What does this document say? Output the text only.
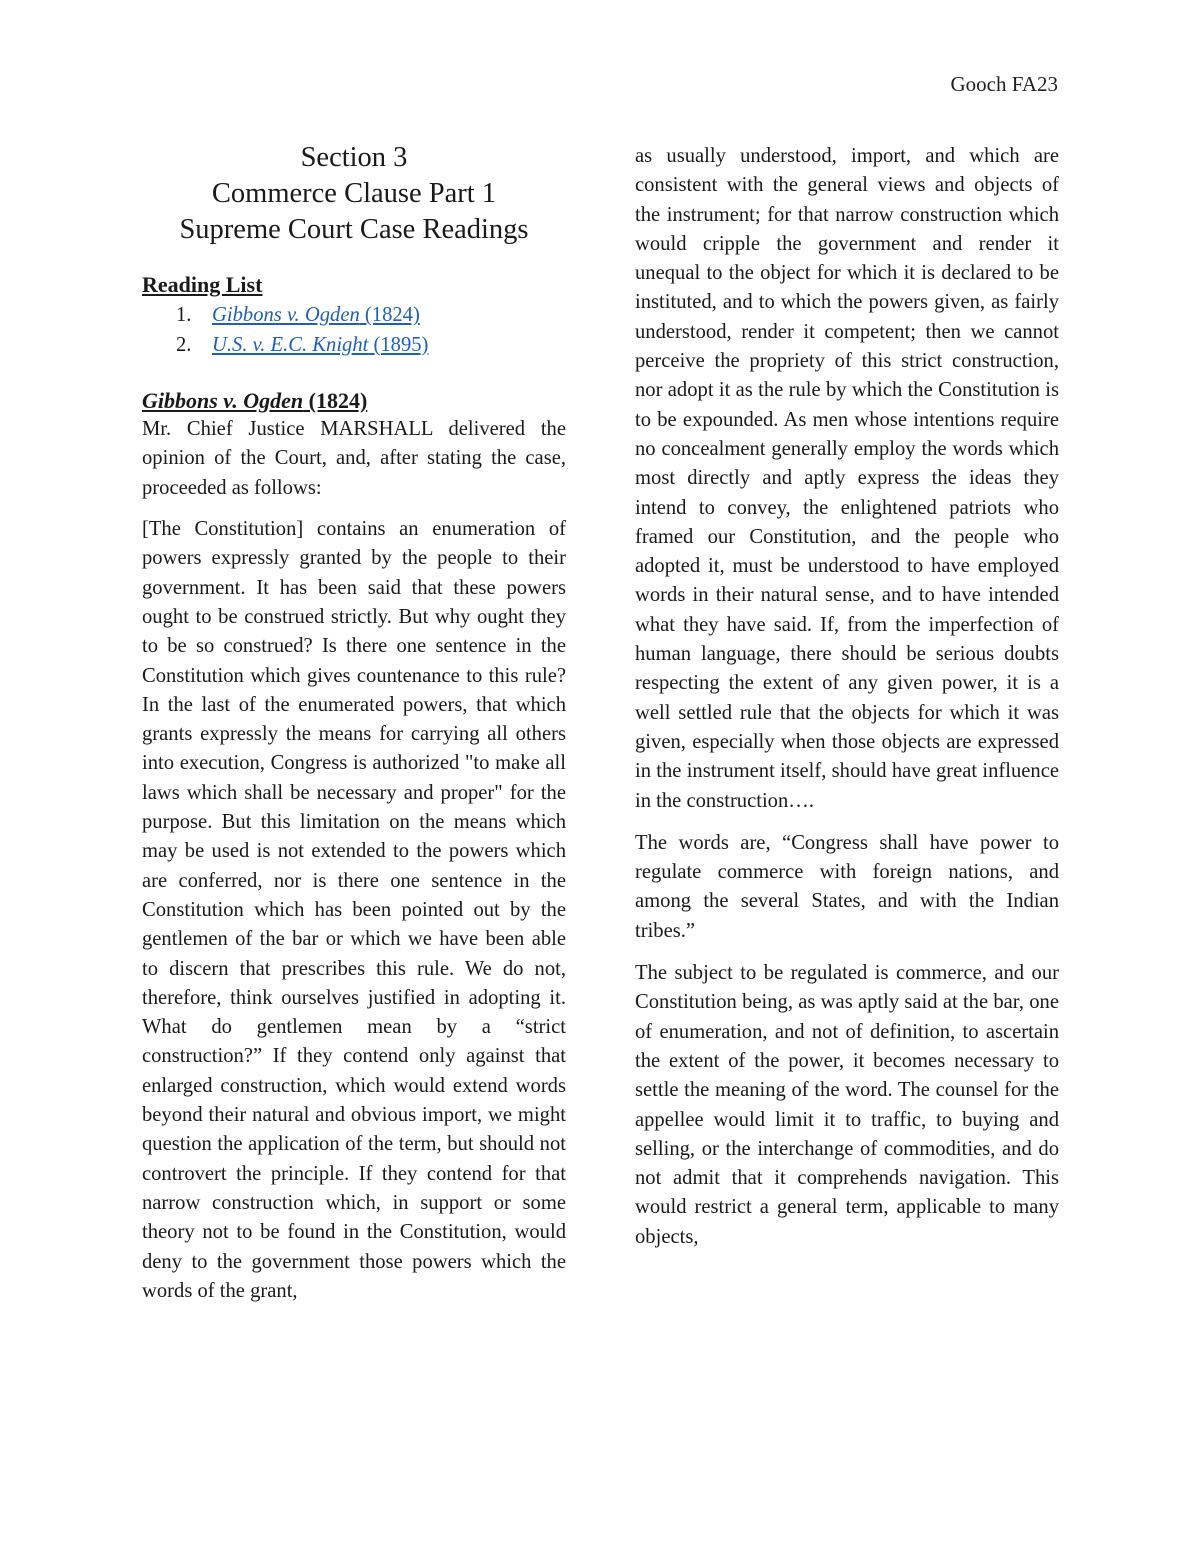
Gooch FA23
Section 3
Commerce Clause Part 1
Supreme Court Case Readings
Reading List
1. Gibbons v. Ogden (1824)
2. U.S. v. E.C. Knight (1895)
Gibbons v. Ogden (1824)

Mr. Chief Justice MARSHALL delivered the opinion of the Court, and, after stating the case, proceeded as follows:

[The Constitution] contains an enumeration of powers expressly granted by the people to their government. It has been said that these powers ought to be construed strictly. But why ought they to be so construed? Is there one sentence in the Constitution which gives countenance to this rule? In the last of the enumerated powers, that which grants expressly the means for carrying all others into execution, Congress is authorized "to make all laws which shall be necessary and proper" for the purpose. But this limitation on the means which may be used is not extended to the powers which are conferred, nor is there one sentence in the Constitution which has been pointed out by the gentlemen of the bar or which we have been able to discern that prescribes this rule. We do not, therefore, think ourselves justified in adopting it. What do gentlemen mean by a “strict construction?” If they contend only against that enlarged construction, which would extend words beyond their natural and obvious import, we might question the application of the term, but should not controvert the principle. If they contend for that narrow construction which, in support or some theory not to be found in the Constitution, would deny to the government those powers which the words of the grant,

as usually understood, import, and which are consistent with the general views and objects of the instrument; for that narrow construction which would cripple the government and render it unequal to the object for which it is declared to be instituted, and to which the powers given, as fairly understood, render it competent; then we cannot perceive the propriety of this strict construction, nor adopt it as the rule by which the Constitution is to be expounded. As men whose intentions require no concealment generally employ the words which most directly and aptly express the ideas they intend to convey, the enlightened patriots who framed our Constitution, and the people who adopted it, must be understood to have employed words in their natural sense, and to have intended what they have said. If, from the imperfection of human language, there should be serious doubts respecting the extent of any given power, it is a well settled rule that the objects for which it was given, especially when those objects are expressed in the instrument itself, should have great influence in the construction….

The words are, “Congress shall have power to regulate commerce with foreign nations, and among the several States, and with the Indian tribes.”

The subject to be regulated is commerce, and our Constitution being, as was aptly said at the bar, one of enumeration, and not of definition, to ascertain the extent of the power, it becomes necessary to settle the meaning of the word. The counsel for the appellee would limit it to traffic, to buying and selling, or the interchange of commodities, and do not admit that it comprehends navigation. This would restrict a general term, applicable to many objects,
